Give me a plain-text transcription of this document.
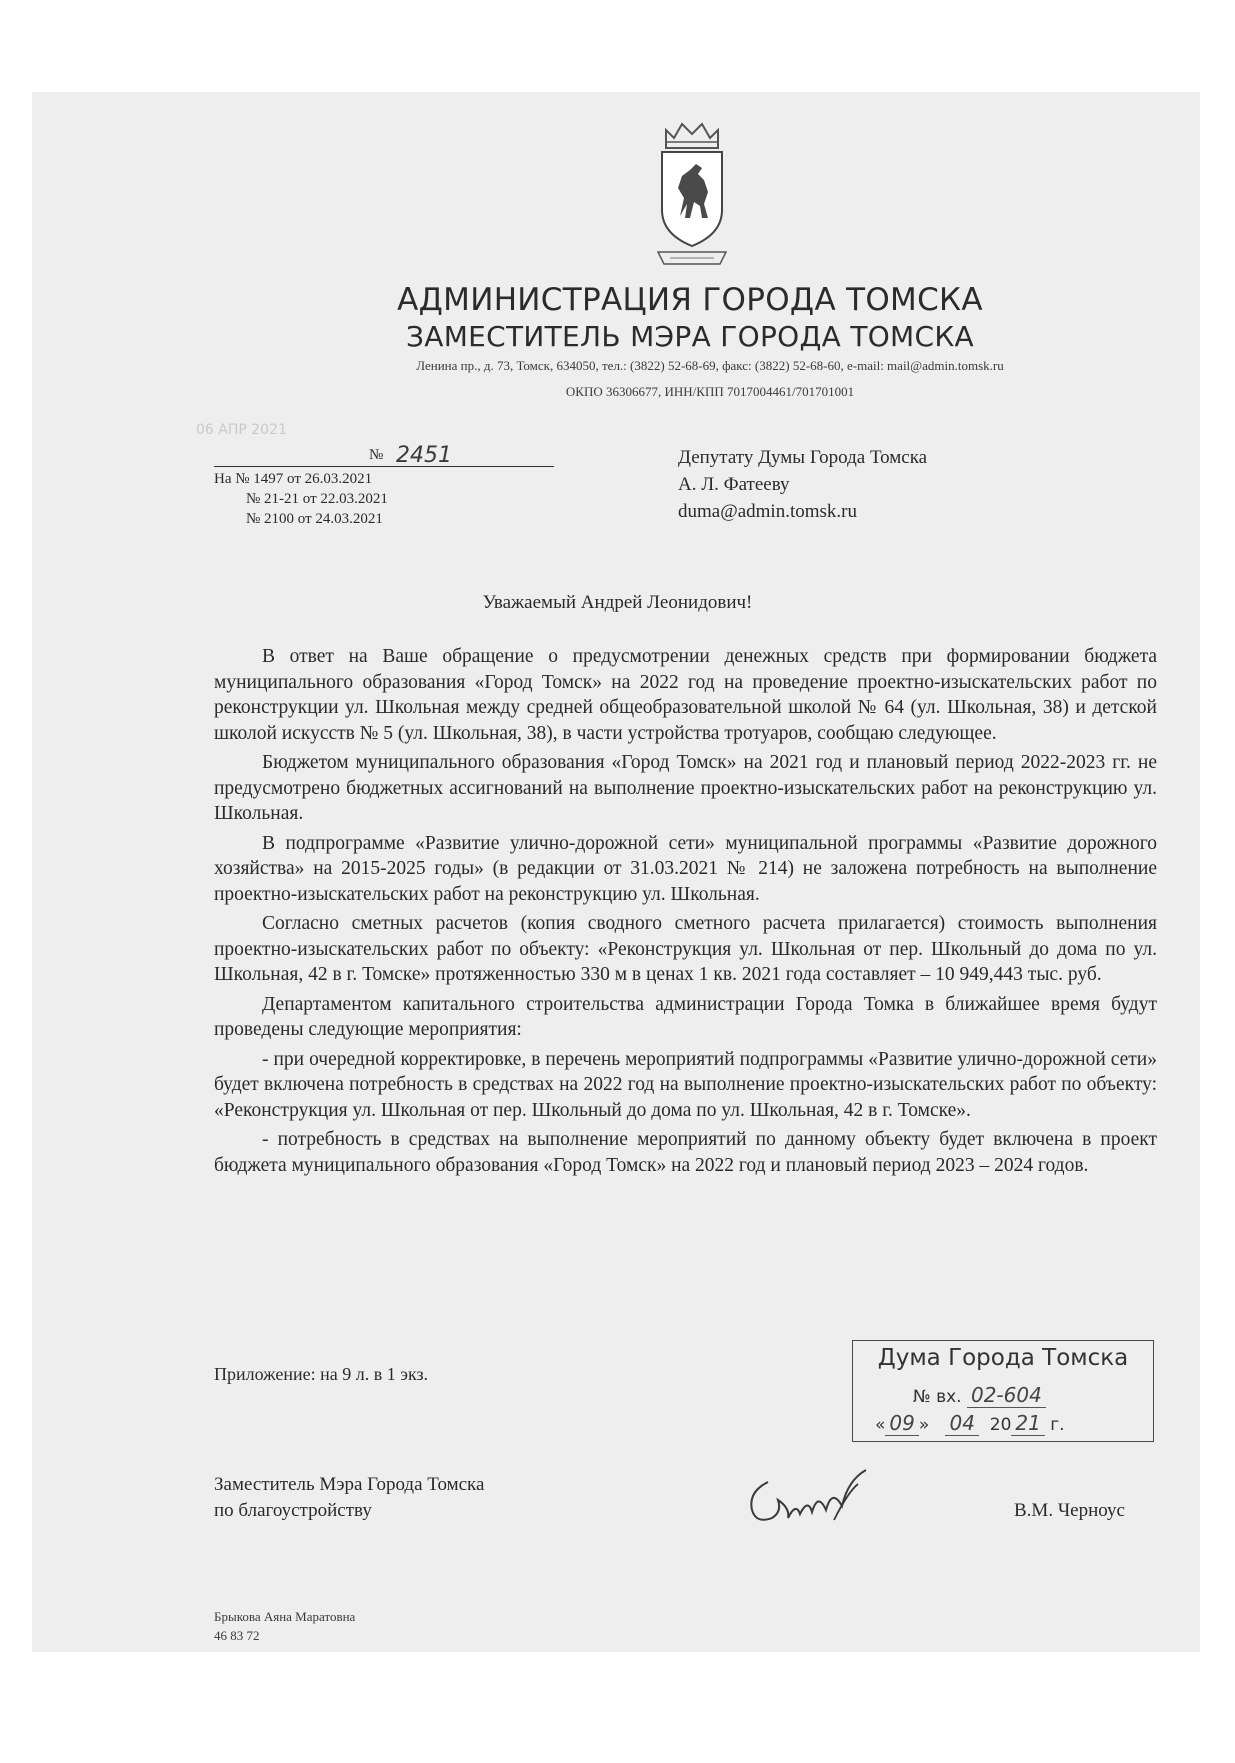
АДМИНИСТРАЦИЯ ГОРОДА ТОМСКА
ЗАМЕСТИТЕЛЬ МЭРА ГОРОДА ТОМСКА
Ленина пр., д. 73, Томск, 634050, тел.: (3822) 52-68-69, факс: (3822) 52-68-60, e-mail: mail@admin.tomsk.ru
ОКПО 36306677, ИНН/КПП 7017004461/701701001
06 АПР 2021
№ 2451
На № 1497 от 26.03.2021
№ 21-21 от 22.03.2021
№ 2100 от 24.03.2021
Депутату Думы Города Томска
А. Л. Фатееву
duma@admin.tomsk.ru
Уважаемый Андрей Леонидович!

В ответ на Ваше обращение о предусмотрении денежных средств при формировании бюджета муниципального образования «Город Томск» на 2022 год на проведение проектно-изыскательских работ по реконструкции ул. Школьная между средней общеобразовательной школой № 64 (ул. Школьная, 38) и детской школой искусств № 5 (ул. Школьная, 38), в части устройства тротуаров, сообщаю следующее.

Бюджетом муниципального образования «Город Томск» на 2021 год и плановый период 2022-2023 гг. не предусмотрено бюджетных ассигнований на выполнение проектно-изыскательских работ на реконструкцию ул. Школьная.

В подпрограмме «Развитие улично-дорожной сети» муниципальной программы «Развитие дорожного хозяйства» на 2015-2025 годы» (в редакции от 31.03.2021 № 214) не заложена потребность на выполнение проектно-изыскательских работ на реконструкцию ул. Школьная.

Согласно сметных расчетов (копия сводного сметного расчета прилагается) стоимость выполнения проектно-изыскательских работ по объекту: «Реконструкция ул. Школьная от пер. Школьный до дома по ул. Школьная, 42 в г. Томске» протяженностью 330 м в ценах 1 кв. 2021 года составляет – 10 949,443 тыс. руб.

Департаментом капитального строительства администрации Города Томка в ближайшее время будут проведены следующие мероприятия:

- при очередной корректировке, в перечень мероприятий подпрограммы «Развитие улично-дорожной сети» будет включена потребность в средствах на 2022 год на выполнение проектно-изыскательских работ по объекту: «Реконструкция ул. Школьная от пер. Школьный до дома по ул. Школьная, 42 в г. Томске».

- потребность в средствах на выполнение мероприятий по данному объекту будет включена в проект бюджета муниципального образования «Город Томск» на 2022 год и плановый период 2023 – 2024 годов.

Приложение: на 9 л. в 1 экз.
Дума Города Томска
№ вх. 02-604
« 09 » 04 20 21 г.
Заместитель Мэра Города Томска
по благоустройству	В.М. Черноус
Брыкова Аяна Маратовна
46 83 72
